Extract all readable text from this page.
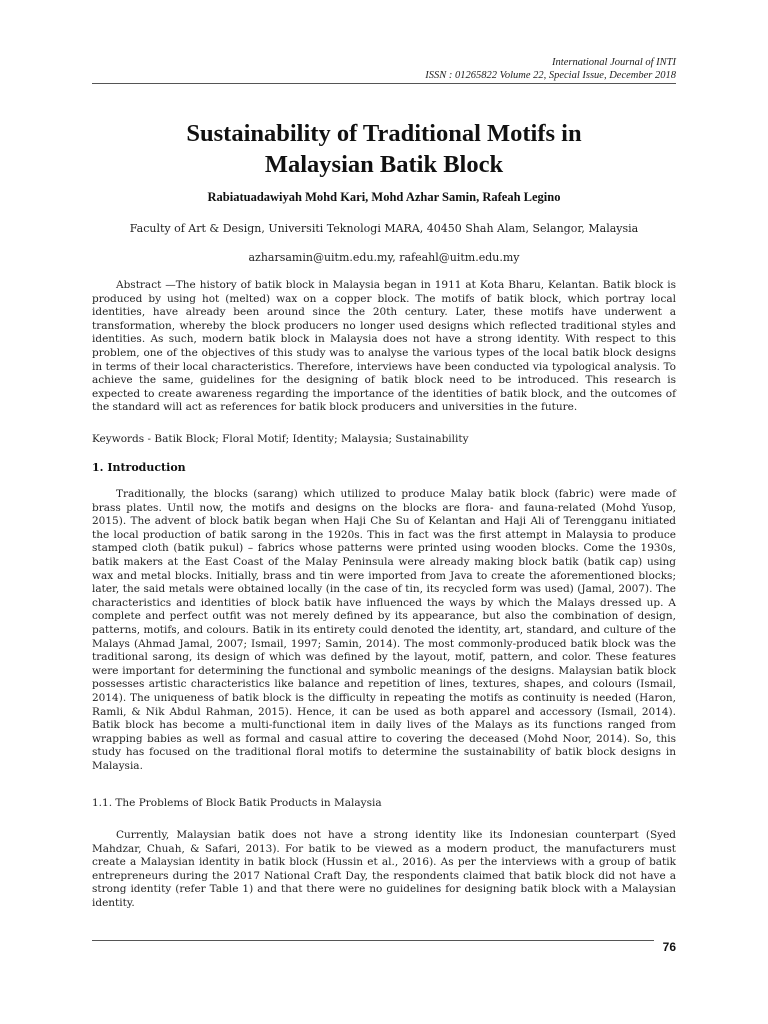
International Journal of INTI
ISSN : 01265822 Volume 22, Special Issue, December 2018
Sustainability of Traditional Motifs in
Malaysian Batik Block
Rabiatuadawiyah Mohd Kari, Mohd Azhar Samin, Rafeah Legino
Faculty of Art & Design, Universiti Teknologi MARA, 40450 Shah Alam, Selangor, Malaysia
azharsamin@uitm.edu.my, rafeahl@uitm.edu.my

Abstract —The history of batik block in Malaysia began in 1911 at Kota Bharu, Kelantan. Batik block is produced by using hot (melted) wax on a copper block. The motifs of batik block, which portray local identities, have already been around since the 20th century. Later, these motifs have underwent a transformation, whereby the block producers no longer used designs which reflected traditional styles and identities. As such, modern batik block in Malaysia does not have a strong identity. With respect to this problem, one of the objectives of this study was to analyse the various types of the local batik block designs in terms of their local characteristics. Therefore, interviews have been conducted via typological analysis. To achieve the same, guidelines for the designing of batik block need to be introduced. This research is expected to create awareness regarding the importance of the identities of batik block, and the outcomes of the standard will act as references for batik block producers and universities in the future.

Keywords - Batik Block; Floral Motif; Identity; Malaysia; Sustainability
1. Introduction

Traditionally, the blocks (sarang) which utilized to produce Malay batik block (fabric) were made of brass plates. Until now, the motifs and designs on the blocks are flora- and fauna-related (Mohd Yusop, 2015). The advent of block batik began when Haji Che Su of Kelantan and Haji Ali of Terengganu initiated the local production of batik sarong in the 1920s. This in fact was the first attempt in Malaysia to produce stamped cloth (batik pukul) – fabrics whose patterns were printed using wooden blocks. Come the 1930s, batik makers at the East Coast of the Malay Peninsula were already making block batik (batik cap) using wax and metal blocks. Initially, brass and tin were imported from Java to create the aforementioned blocks; later, the said metals were obtained locally (in the case of tin, its recycled form was used) (Jamal, 2007). The characteristics and identities of block batik have influenced the ways by which the Malays dressed up. A complete and perfect outfit was not merely defined by its appearance, but also the combination of design, patterns, motifs, and colours. Batik in its entirety could denoted the identity, art, standard, and culture of the Malays (Ahmad Jamal, 2007; Ismail, 1997; Samin, 2014). The most commonly-produced batik block was the traditional sarong, its design of which was defined by the layout, motif, pattern, and color. These features were important for determining the functional and symbolic meanings of the designs. Malaysian batik block possesses artistic characteristics like balance and repetition of lines, textures, shapes, and colours (Ismail, 2014). The uniqueness of batik block is the difficulty in repeating the motifs as continuity is needed (Haron, Ramli, & Nik Abdul Rahman, 2015). Hence, it can be used as both apparel and accessory (Ismail, 2014). Batik block has become a multi-functional item in daily lives of the Malays as its functions ranged from wrapping babies as well as formal and casual attire to covering the deceased (Mohd Noor, 2014). So, this study has focused on the traditional floral motifs to determine the sustainability of batik block designs in Malaysia.

1.1. The Problems of Block Batik Products in Malaysia

Currently, Malaysian batik does not have a strong identity like its Indonesian counterpart (Syed Mahdzar, Chuah, & Safari, 2013). For batik to be viewed as a modern product, the manufacturers must create a Malaysian identity in batik block (Hussin et al., 2016). As per the interviews with a group of batik entrepreneurs during the 2017 National Craft Day, the respondents claimed that batik block did not have a strong identity (refer Table 1) and that there were no guidelines for designing batik block with a Malaysian identity.

76
